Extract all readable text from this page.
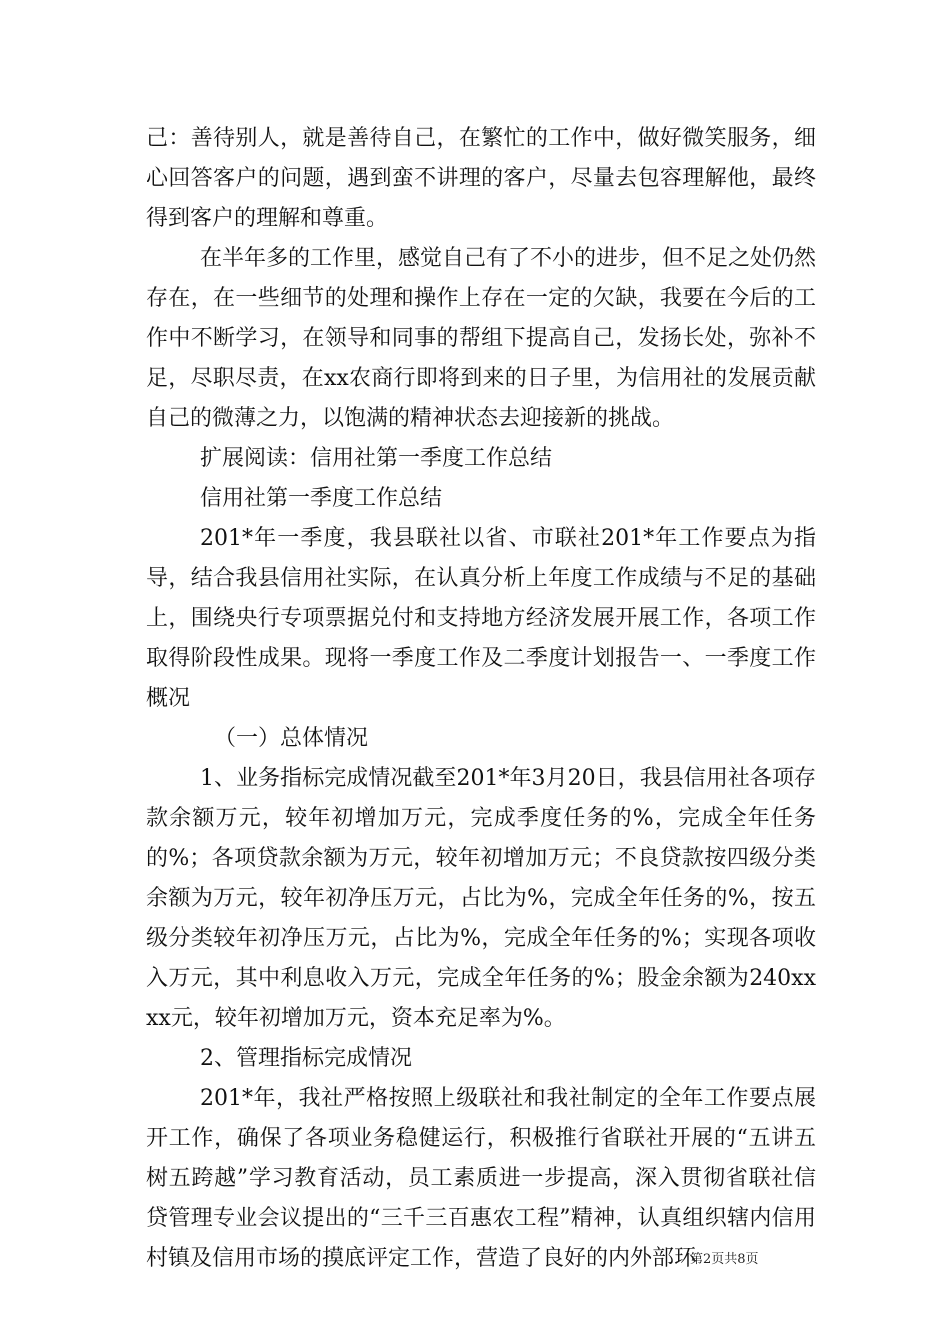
己：善待别人，就是善待自己，在繁忙的工作中，做好微笑服务，细心回答客户的问题，遇到蛮不讲理的客户，尽量去包容理解他，最终得到客户的理解和尊重。

在半年多的工作里，感觉自己有了不小的进步，但不足之处仍然存在，在一些细节的处理和操作上存在一定的欠缺，我要在今后的工作中不断学习，在领导和同事的帮组下提高自己，发扬长处，弥补不足，尽职尽责，在xx农商行即将到来的日子里，为信用社的发展贡献自己的微薄之力，以饱满的精神状态去迎接新的挑战。

扩展阅读：信用社第一季度工作总结

信用社第一季度工作总结

201*年一季度，我县联社以省、市联社201*年工作要点为指导，结合我县信用社实际，在认真分析上年度工作成绩与不足的基础上，围绕央行专项票据兑付和支持地方经济发展开展工作，各项工作取得阶段性成果。现将一季度工作及二季度计划报告一、一季度工作概况

（一）总体情况

1、业务指标完成情况截至201*年3月20日，我县信用社各项存款余额万元，较年初增加万元，完成季度任务的%，完成全年任务的%；各项贷款余额为万元，较年初增加万元；不良贷款按四级分类余额为万元，较年初净压万元，占比为%，完成全年任务的%，按五级分类较年初净压万元，占比为%，完成全年任务的%；实现各项收入万元，其中利息收入万元，完成全年任务的%；股金余额为240xxxx元，较年初增加万元，资本充足率为%。

2、管理指标完成情况

201*年，我社严格按照上级联社和我社制定的全年工作要点展开工作，确保了各项业务稳健运行，积极推行省联社开展的“五讲五树五跨越”学习教育活动，员工素质进一步提高，深入贯彻省联社信贷管理专业会议提出的“三千三百惠农工程”精神，认真组织辖内信用村镇及信用市场的摸底评定工作，营造了良好的内外部环

第2页共8页
